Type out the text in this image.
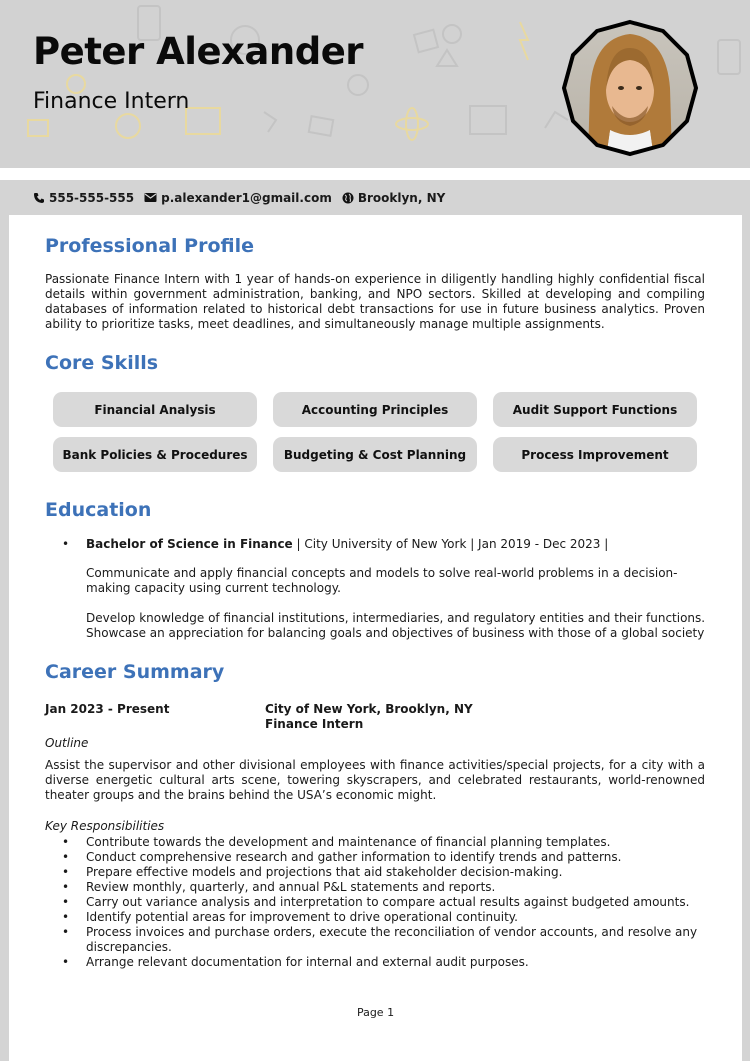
Peter Alexander
Finance Intern
555-555-555 p.alexander1@gmail.com Brooklyn, NY
Professional Profile
Passionate Finance Intern with 1 year of hands-on experience in diligently handling highly confidential fiscal details within government administration, banking, and NPO sectors. Skilled at developing and compiling databases of information related to historical debt transactions for use in future business analytics. Proven ability to prioritize tasks, meet deadlines, and simultaneously manage multiple assignments.
Core Skills
Financial Analysis	Accounting Principles	Audit Support Functions
Bank Policies & Procedures	Budgeting & Cost Planning	Process Improvement
Education
• Bachelor of Science in Finance | City University of New York | Jan 2019 - Dec 2023 |
Communicate and apply financial concepts and models to solve real-world problems in a decision-making capacity using current technology.
Develop knowledge of financial institutions, intermediaries, and regulatory entities and their functions. Showcase an appreciation for balancing goals and objectives of business with those of a global society
Career Summary
Jan 2023 - Present	City of New York, Brooklyn, NY
Finance Intern
Outline
Assist the supervisor and other divisional employees with finance activities/special projects, for a city with a diverse energetic cultural arts scene, towering skyscrapers, and celebrated restaurants, world-renowned theater groups and the brains behind the USA’s economic might.
Key Responsibilities
• Contribute towards the development and maintenance of financial planning templates.
• Conduct comprehensive research and gather information to identify trends and patterns.
• Prepare effective models and projections that aid stakeholder decision-making.
• Review monthly, quarterly, and annual P&L statements and reports.
• Carry out variance analysis and interpretation to compare actual results against budgeted amounts.
• Identify potential areas for improvement to drive operational continuity.
• Process invoices and purchase orders, execute the reconciliation of vendor accounts, and resolve any discrepancies.
• Arrange relevant documentation for internal and external audit purposes.
Page 1
